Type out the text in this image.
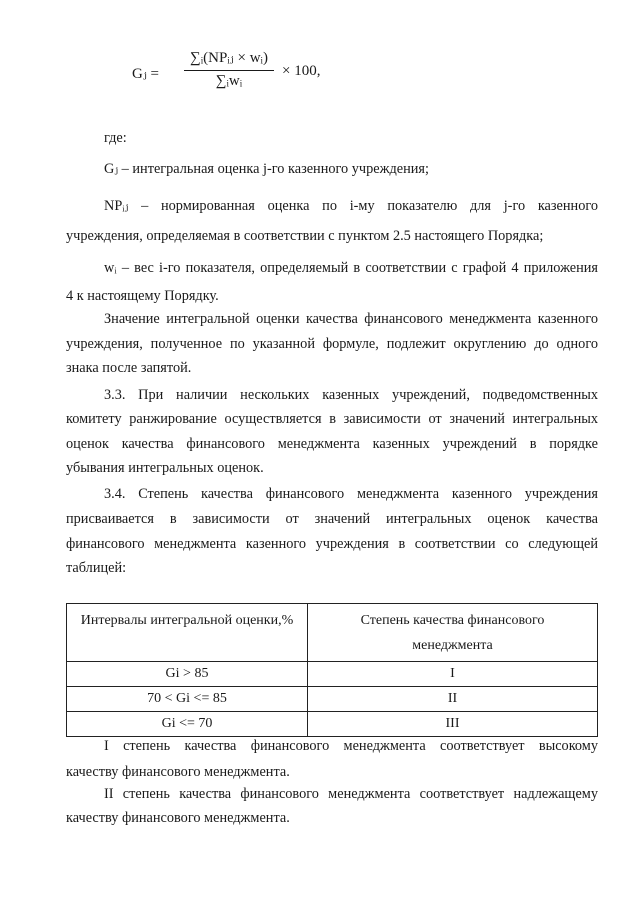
Gⱼ =
∑ᵢ(NPᵢⱼ × wᵢ)
∑ᵢwᵢ
× 100,
где:
Gⱼ – интегральная оценка j-го казенного учреждения;
NPᵢⱼ – нормированная оценка по i-му показателю для j-го казенного
учреждения, определяемая в соответствии с пунктом 2.5 настоящего Порядка;
wᵢ – вес i-го показателя, определяемый в соответствии с графой 4 приложения
4 к настоящему Порядку.
Значение интегральной оценки качества финансового менеджмента казенного
учреждения, полученное по указанной формуле, подлежит округлению до одного
знака после запятой.
3.3. При наличии нескольких казенных учреждений, подведомственных
комитету ранжирование осуществляется в зависимости от значений интегральных
оценок качества финансового менеджмента казенных учреждений в порядке
убывания интегральных оценок.
3.4. Степень качества финансового менеджмента казенного учреждения
присваивается в зависимости от значений интегральных оценок качества
финансового менеджмента казенного учреждения в соответствии со следующей
таблицей:
Интервалы интегральной оценки,%	Степень качества финансового
менеджмента

Gi > 85	I
70 < Gi <= 85	II
Gi <= 70	III
I степень качества финансового менеджмента соответствует высокому
качеству финансового менеджмента.
II степень качества финансового менеджмента соответствует надлежащему
качеству финансового менеджмента.
